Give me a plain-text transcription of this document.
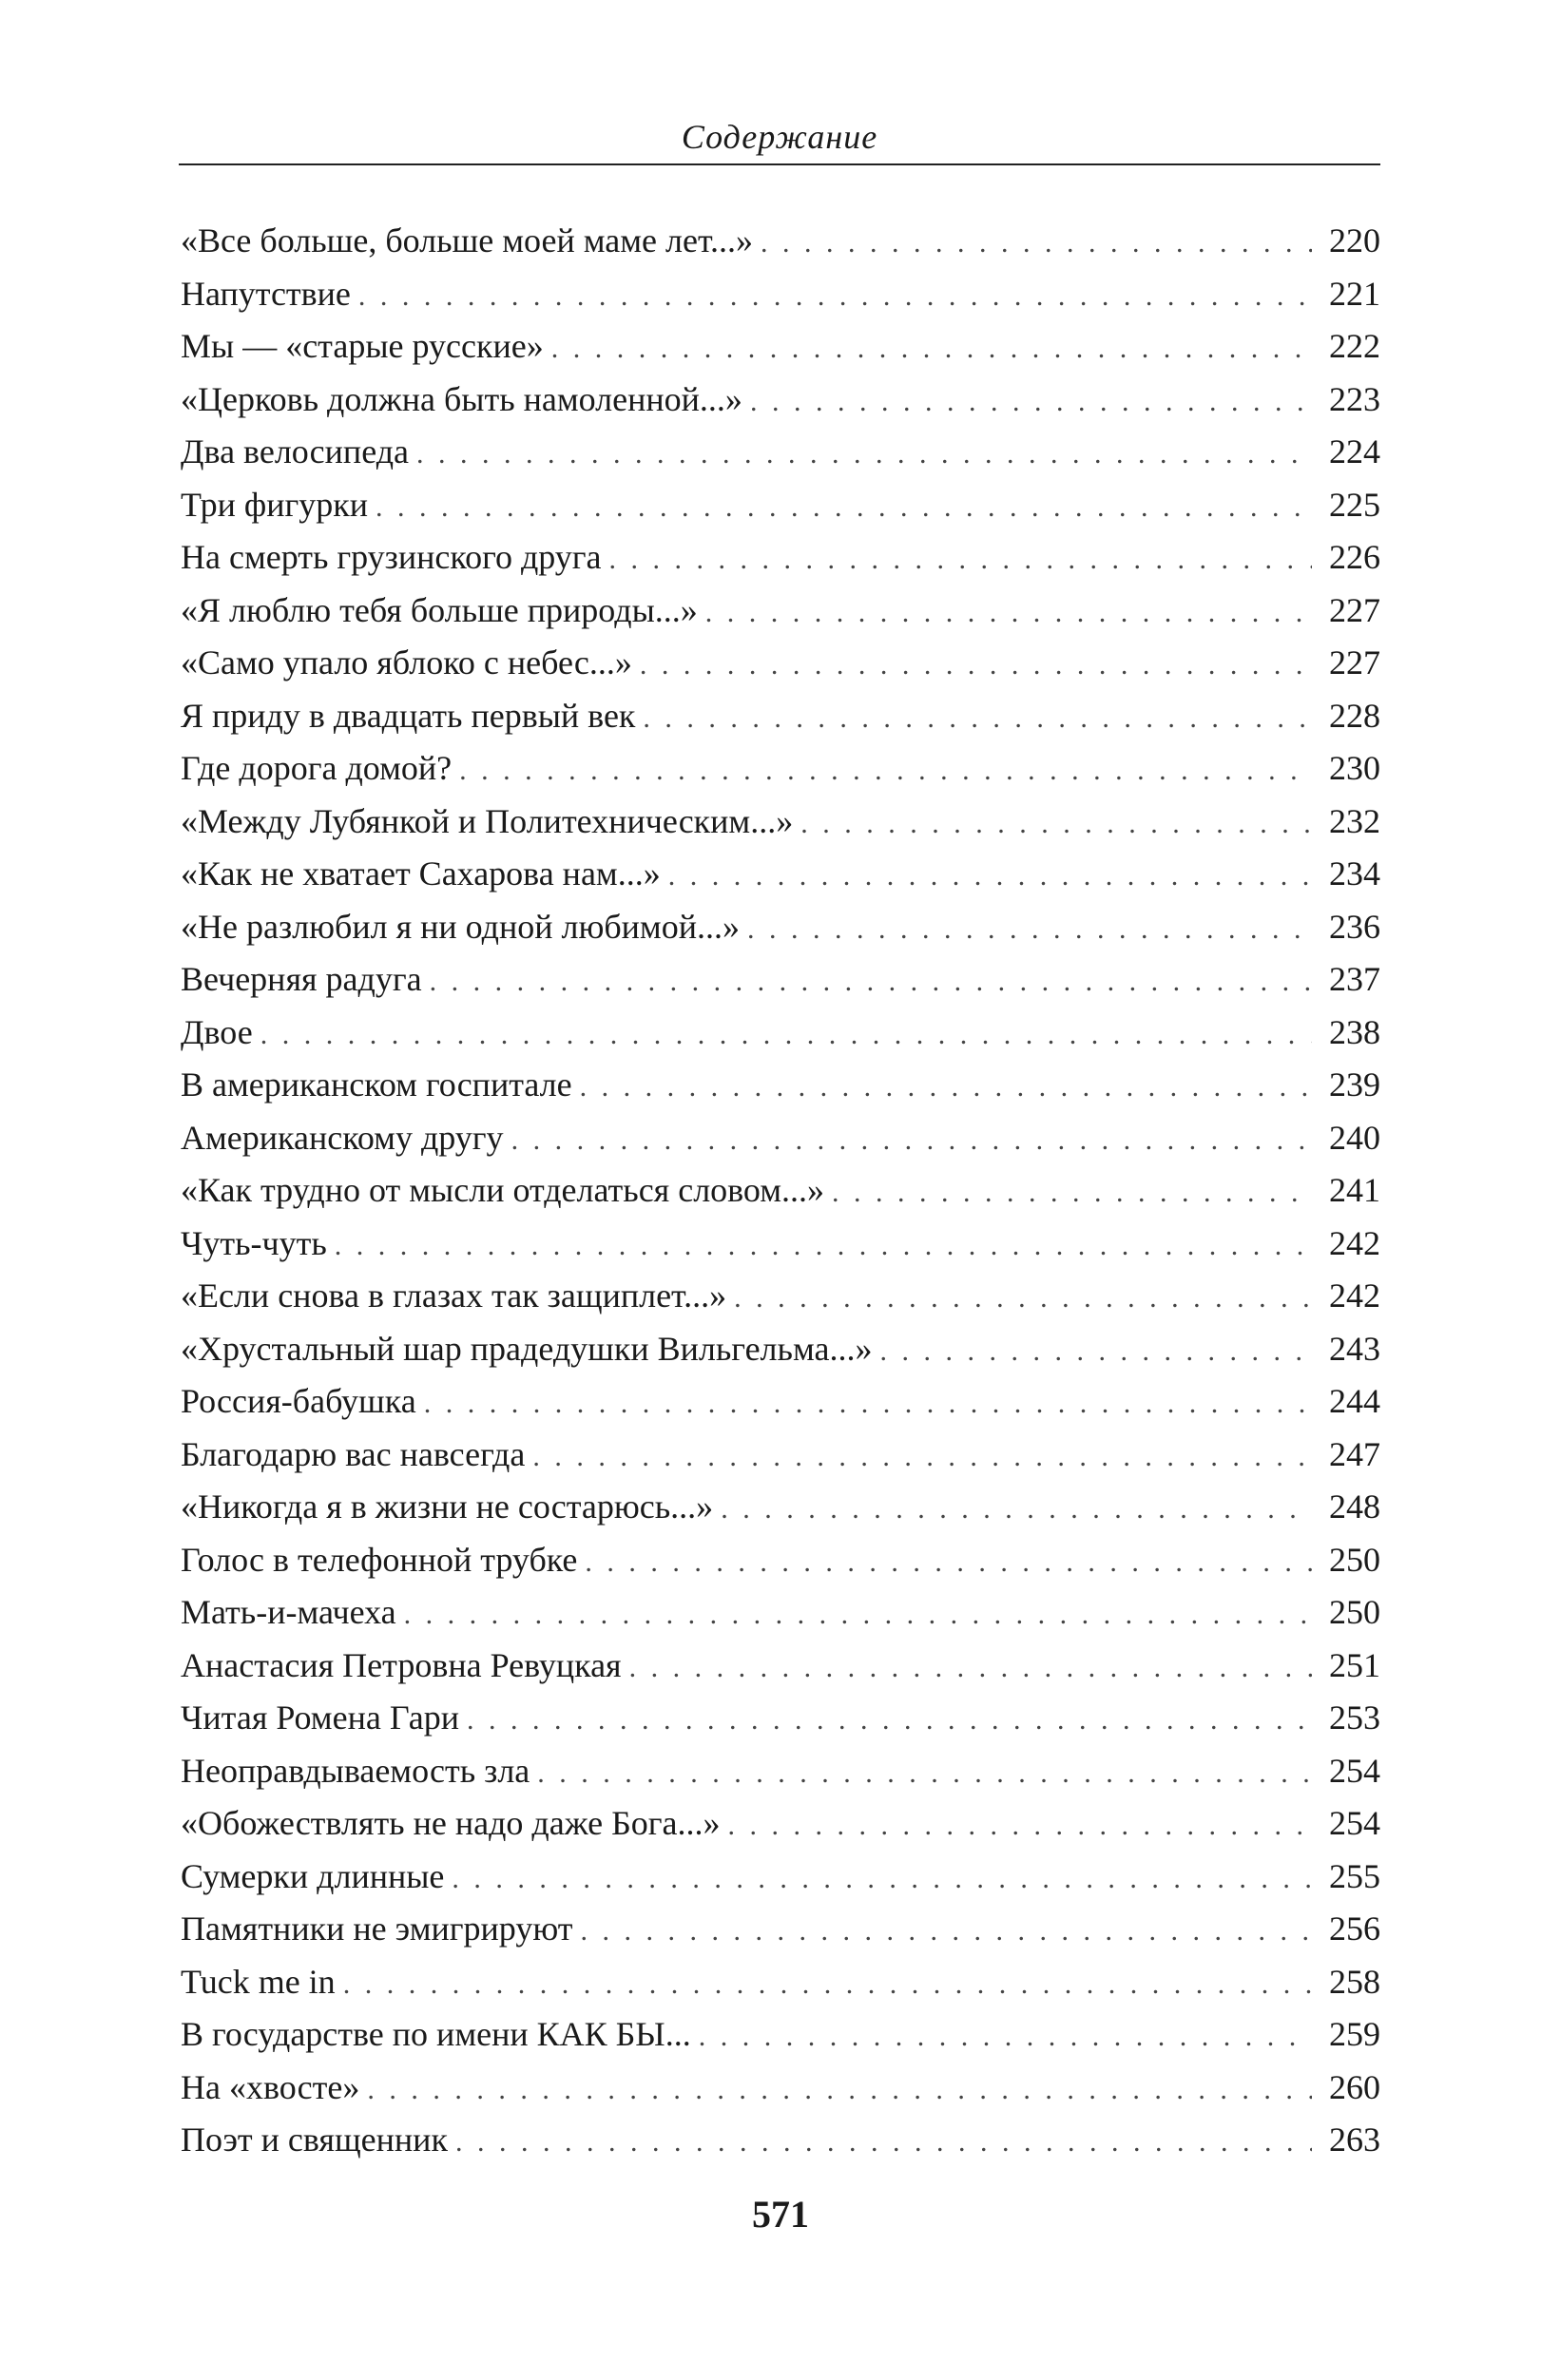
Содержание
«Все больше, больше моей маме лет...» . . .	220
Напутствие . . .	221
Мы — «старые русские» . . .	222
«Церковь должна быть намоленной...» . . .	223
Два велосипеда . . .	224
Три фигурки . . .	225
На смерть грузинского друга . . .	226
«Я люблю тебя больше природы...» . . .	227
«Само упало яблоко с небес...» . . .	227
Я приду в двадцать первый век . . .	228
Где дорога домой? . . .	230
«Между Лубянкой и Политехническим...» . . .	232
«Как не хватает Сахарова нам...» . . .	234
«Не разлюбил я ни одной любимой...» . . .	236
Вечерняя радуга . . .	237
Двое . . .	238
В американском госпитале . . .	239
Американскому другу . . .	240
«Как трудно от мысли отделаться словом...» . . .	241
Чуть-чуть . . .	242
«Если снова в глазах так защиплет...» . . .	242
«Хрустальный шар прадедушки Вильгельма...» . . .	243
Россия-бабушка . . .	244
Благодарю вас навсегда . . .	247
«Никогда я в жизни не состарюсь...» . . .	248
Голос в телефонной трубке . . .	250
Мать-и-мачеха . . .	250
Анастасия Петровна Ревуцкая . . .	251
Читая Ромена Гари . . .	253
Неоправдываемость зла . . .	254
«Обожествлять не надо даже Бога...» . . .	254
Сумерки длинные . . .	255
Памятники не эмигрируют . . .	256
Tuck me in . . .	258
В государстве по имени КАК БЫ... . . .	259
На «хвосте» . . .	260
Поэт и священник . . .	263
571
